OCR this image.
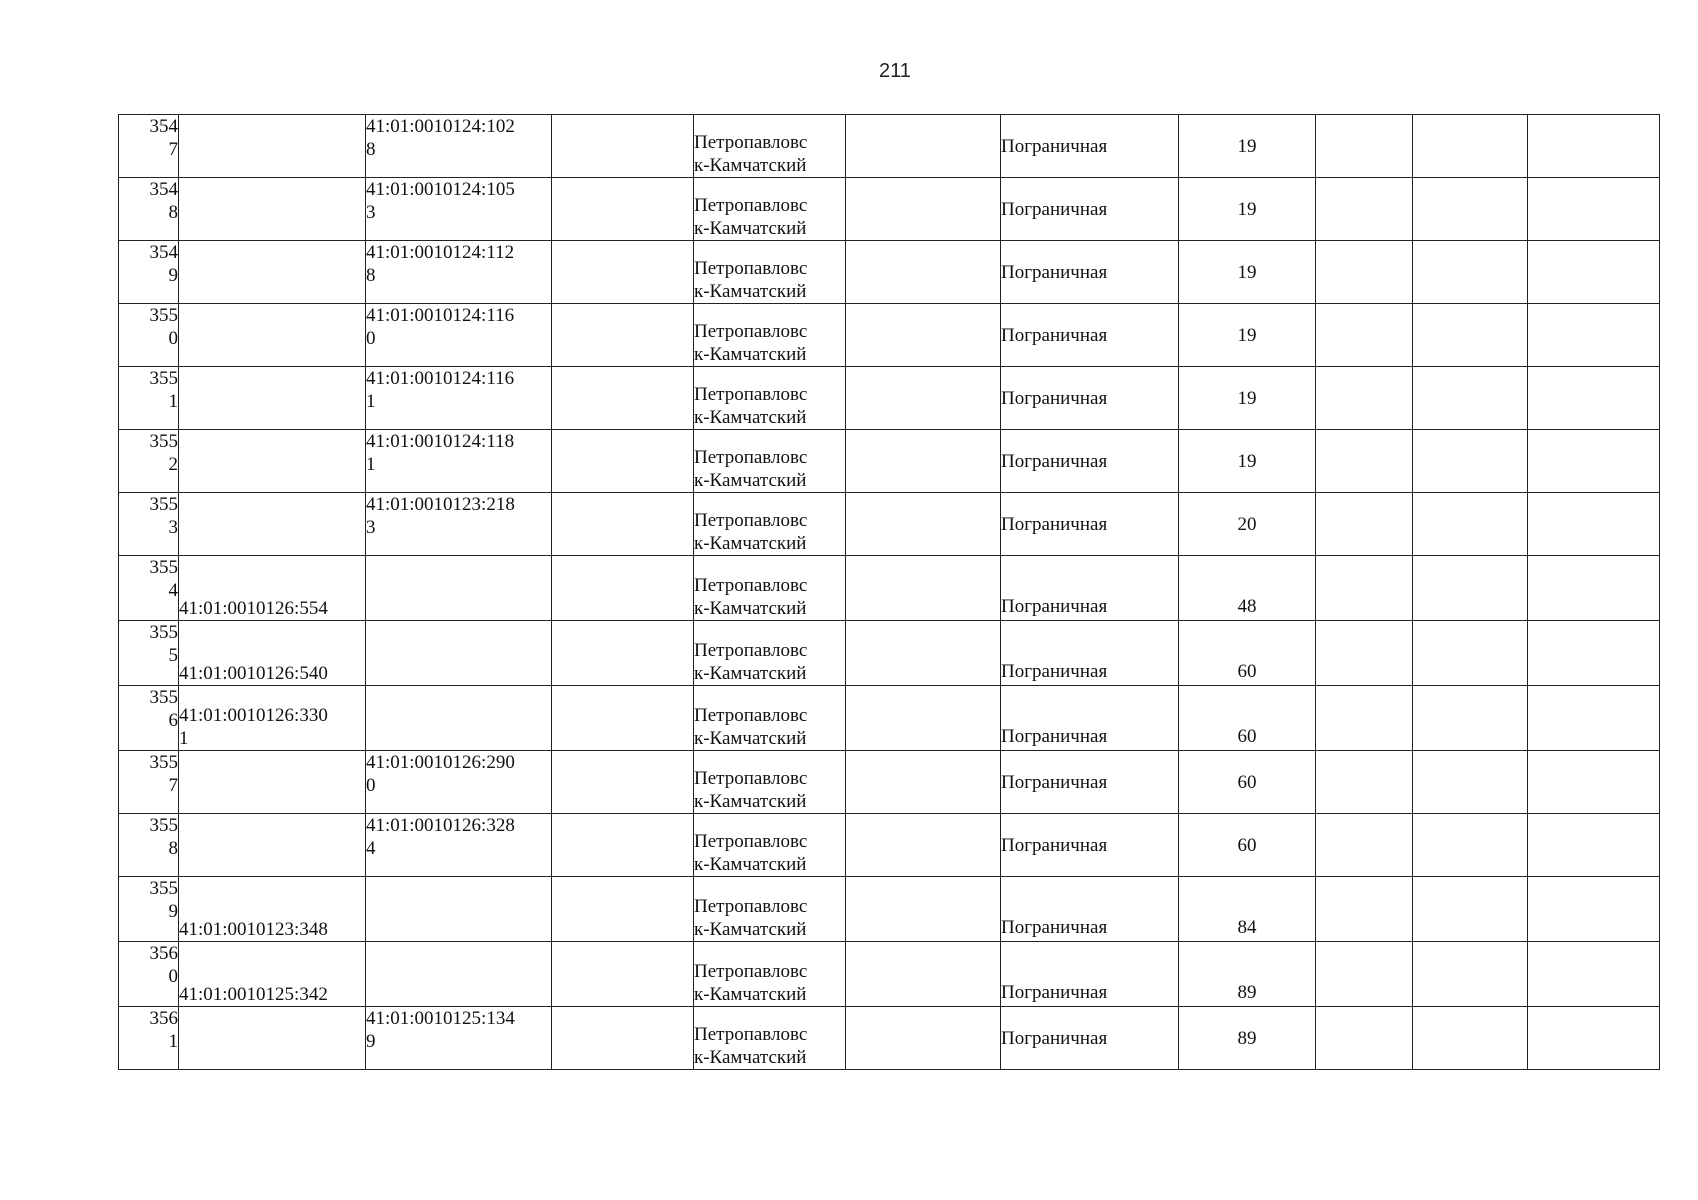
211
354
7		41:01:0010124:102
8		Петропавловс
к-Камчатский		Пограничная	19			

354
8		41:01:0010124:105
3		Петропавловс
к-Камчатский		Пограничная	19			

354
9		41:01:0010124:112
8		Петропавловс
к-Камчатский		Пограничная	19			

355
0		41:01:0010124:116
0		Петропавловс
к-Камчатский		Пограничная	19			

355
1		41:01:0010124:116
1		Петропавловс
к-Камчатский		Пограничная	19			

355
2		41:01:0010124:118
1		Петропавловс
к-Камчатский		Пограничная	19			

355
3		41:01:0010123:218
3		Петропавловс
к-Камчатский		Пограничная	20			

355
4	41:01:0010126:554			Петропавловс
к-Камчатский		Пограничная	48			

355
5	41:01:0010126:540			Петропавловс
к-Камчатский		Пограничная	60			

355
6	41:01:0010126:330
1			Петропавловс
к-Камчатский		Пограничная	60			

355
7		41:01:0010126:290
0		Петропавловс
к-Камчатский		Пограничная	60			

355
8		41:01:0010126:328
4		Петропавловс
к-Камчатский		Пограничная	60			

355
9	41:01:0010123:348			Петропавловс
к-Камчатский		Пограничная	84			

356
0	41:01:0010125:342			Петропавловс
к-Камчатский		Пограничная	89			

356
1		41:01:0010125:134
9		Петропавловс
к-Камчатский		Пограничная	89			
